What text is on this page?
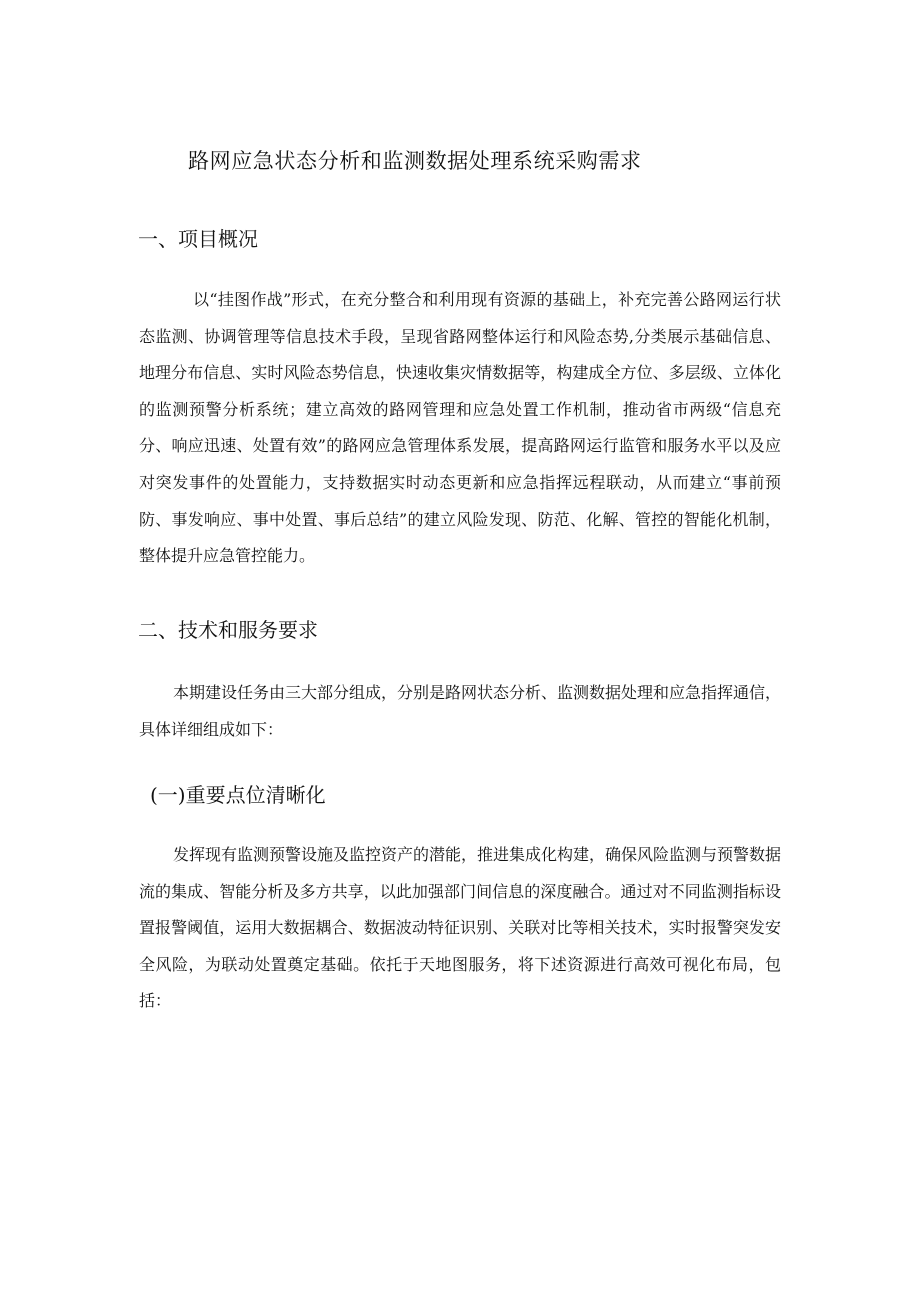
路网应急状态分析和监测数据处理系统采购需求
一、项目概况

以“挂图作战”形式，在充分整合和利用现有资源的基础上，补充完善公路网运行状态监测、协调管理等信息技术手段，呈现省路网整体运行和风险态势,分类展示基础信息、地理分布信息、实时风险态势信息，快速收集灾情数据等，构建成全方位、多层级、立体化的监测预警分析系统；建立高效的路网管理和应急处置工作机制，推动省市两级“信息充分、响应迅速、处置有效”的路网应急管理体系发展，提高路网运行监管和服务水平以及应对突发事件的处置能力，支持数据实时动态更新和应急指挥远程联动，从而建立“事前预防、事发响应、事中处置、事后总结”的建立风险发现、防范、化解、管控的智能化机制，整体提升应急管控能力。

二、技术和服务要求

本期建设任务由三大部分组成，分别是路网状态分析、监测数据处理和应急指挥通信，具体详细组成如下：

(一)重要点位清晰化

发挥现有监测预警设施及监控资产的潜能，推进集成化构建，确保风险监测与预警数据流的集成、智能分析及多方共享，以此加强部门间信息的深度融合。通过对不同监测指标设置报警阈值，运用大数据耦合、数据波动特征识别、关联对比等相关技术，实时报警突发安全风险，为联动处置奠定基础。依托于天地图服务，将下述资源进行高效可视化布局，包括：
